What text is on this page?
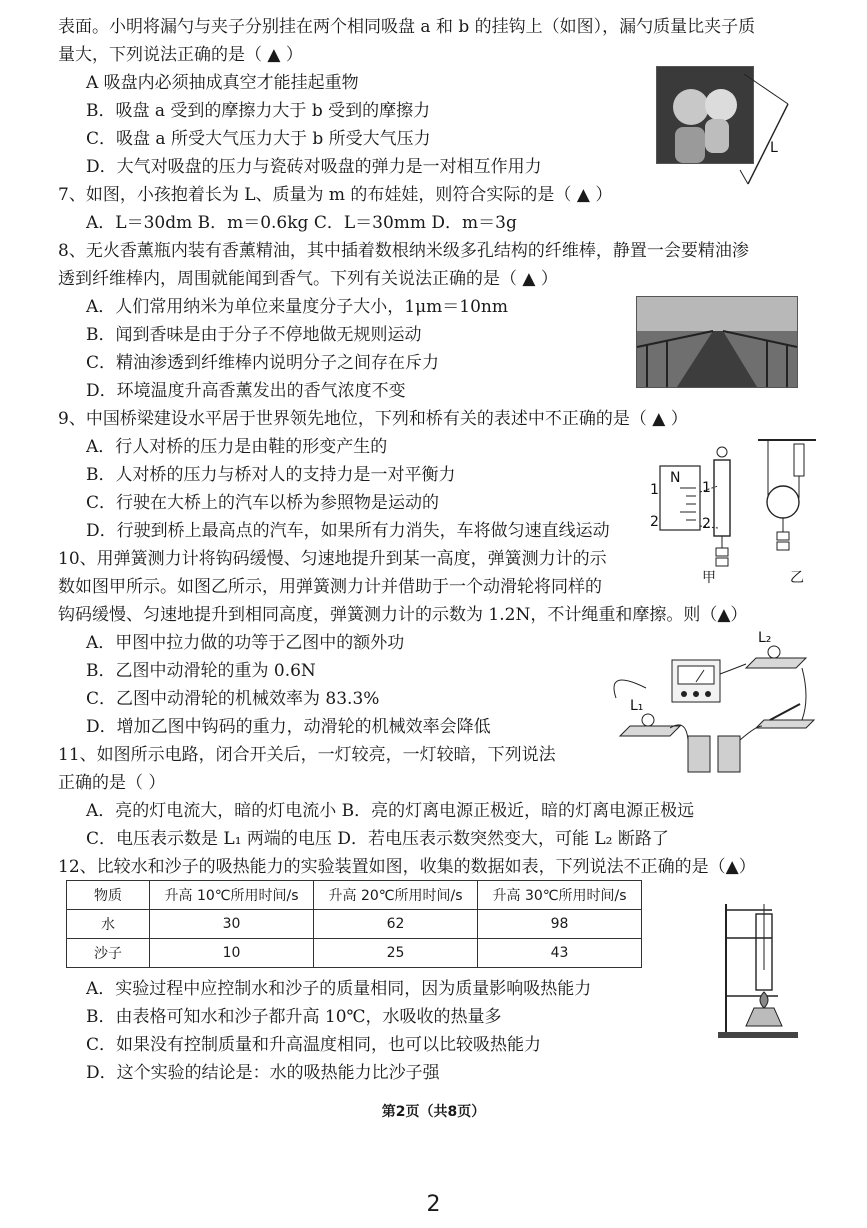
表面。小明将漏勺与夹子分别挂在两个相同吸盘 a 和 b 的挂钩上（如图），漏勺质量比夹子质
量大，下列说法正确的是（ ▲ ）
A 吸盘内必须抽成真空才能挂起重物
B．吸盘 a 受到的摩擦力大于 b 受到的摩擦力
C．吸盘 a 所受大气压力大于 b 所受大气压力
D．大气对吸盘的压力与瓷砖对吸盘的弹力是一对相互作用力
L
7、如图，小孩抱着长为 L、质量为 m 的布娃娃，则符合实际的是（ ▲ ）
A．L＝30dm B．m＝0.6kg C．L＝30mm D．m＝3g
8、无火香薰瓶内装有香薰精油，其中插着数根纳米级多孔结构的纤维棒，静置一会要精油渗
透到纤维棒内，周围就能闻到香气。下列有关说法正确的是（ ▲ ）
A．人们常用纳米为单位来量度分子大小，1μm＝10nm
B．闻到香味是由于分子不停地做无规则运动
C．精油渗透到纤维棒内说明分子之间存在斥力
D．环境温度升高香薰发出的香气浓度不变
9、中国桥梁建设水平居于世界领先地位，下列和桥有关的表述中不正确的是（ ▲ ）
A．行人对桥的压力是由鞋的形变产生的
B．人对桥的压力与桥对人的支持力是一对平衡力
C．行驶在大桥上的汽车以桥为参照物是运动的
D．行驶到桥上最高点的汽车，如果所有力消失，车将做匀速直线运动
N
1
2
1
2
甲	乙
10、用弹簧测力计将钩码缓慢、匀速地提升到某一高度，弹簧测力计的示
数如图甲所示。如图乙所示，用弹簧测力计并借助于一个动滑轮将同样的
钩码缓慢、匀速地提升到相同高度，弹簧测力计的示数为 1.2N，不计绳重和摩擦。则（▲）
A．甲图中拉力做的功等于乙图中的额外功
B．乙图中动滑轮的重为 0.6N
C．乙图中动滑轮的机械效率为 83.3%
D．增加乙图中钩码的重力，动滑轮的机械效率会降低
L₂
L₁
11、如图所示电路，闭合开关后，一灯较亮，一灯较暗，下列说法
正确的是（ ）
A．亮的灯电流大，暗的灯电流小 B．亮的灯离电源正极近，暗的灯离电源正极远
C．电压表示数是 L₁ 两端的电压 D．若电压表示数突然变大，可能 L₂ 断路了
12、比较水和沙子的吸热能力的实验装置如图，收集的数据如表，下列说法不正确的是（▲）
物质	升高 10℃所用时间/s	升高 20℃所用时间/s	升高 30℃所用时间/s
水	30	62	98
沙子	10	25	43
A．实验过程中应控制水和沙子的质量相同，因为质量影响吸热能力
B．由表格可知水和沙子都升高 10℃，水吸收的热量多
C．如果没有控制质量和升高温度相同，也可以比较吸热能力
D．这个实验的结论是：水的吸热能力比沙子强
第2页（共8页）
2
